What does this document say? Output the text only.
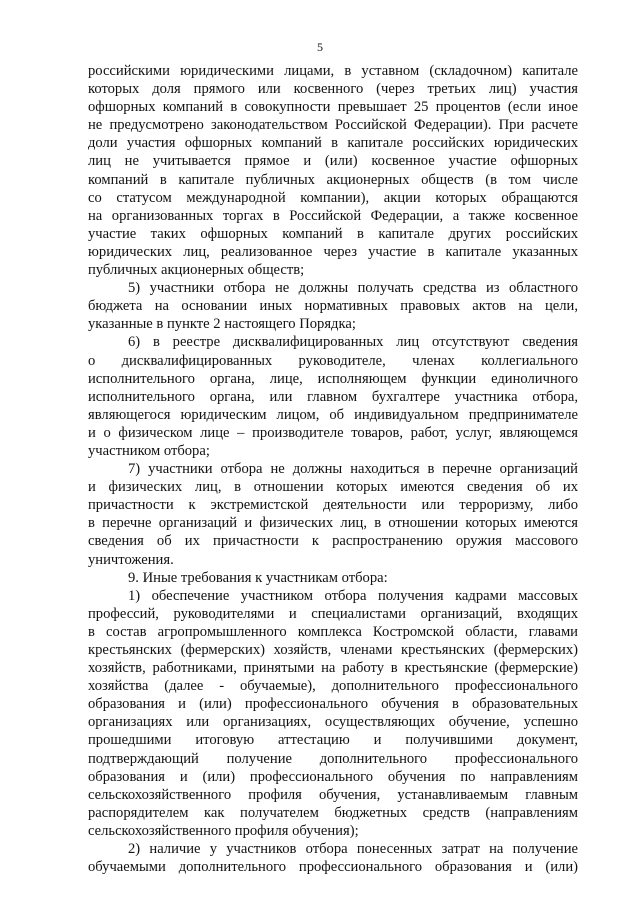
5
российскими юридическими лицами, в уставном (складочном) капитале
которых доля прямого или косвенного (через третьих лиц) участия
офшорных компаний в совокупности превышает 25 процентов (если иное
не предусмотрено законодательством Российской Федерации). При расчете
доли участия офшорных компаний в капитале российских юридических
лиц не учитывается прямое и (или) косвенное участие офшорных
компаний в капитале публичных акционерных обществ (в том числе
со статусом международной компании), акции которых обращаются
на организованных торгах в Российской Федерации, а также косвенное
участие таких офшорных компаний в капитале других российских
юридических лиц, реализованное через участие в капитале указанных
публичных акционерных обществ;
5) участники отбора не должны получать средства из областного
бюджета на основании иных нормативных правовых актов на цели,
указанные в пункте 2 настоящего Порядка;
6) в реестре дисквалифицированных лиц отсутствуют сведения
о дисквалифицированных руководителе, членах коллегиального
исполнительного органа, лице, исполняющем функции единоличного
исполнительного органа, или главном бухгалтере участника отбора,
являющегося юридическим лицом, об индивидуальном предпринимателе
и о физическом лице – производителе товаров, работ, услуг, являющемся
участником отбора;
7) участники отбора не должны находиться в перечне организаций
и физических лиц, в отношении которых имеются сведения об их
причастности к экстремистской деятельности или терроризму, либо
в перечне организаций и физических лиц, в отношении которых имеются
сведения об их причастности к распространению оружия массового
уничтожения.
9. Иные требования к участникам отбора:
1) обеспечение участником отбора получения кадрами массовых
профессий, руководителями и специалистами организаций, входящих
в состав агропромышленного комплекса Костромской области, главами
крестьянских (фермерских) хозяйств, членами крестьянских (фермерских)
хозяйств, работниками, принятыми на работу в крестьянские (фермерские)
хозяйства (далее - обучаемые), дополнительного профессионального
образования и (или) профессионального обучения в образовательных
организациях или организациях, осуществляющих обучение, успешно
прошедшими итоговую аттестацию и получившими документ,
подтверждающий получение дополнительного профессионального
образования и (или) профессионального обучения по направлениям
сельскохозяйственного профиля обучения, устанавливаемым главным
распорядителем как получателем бюджетных средств (направлениям
сельскохозяйственного профиля обучения);
2) наличие у участников отбора понесенных затрат на получение
обучаемыми дополнительного профессионального образования и (или)
